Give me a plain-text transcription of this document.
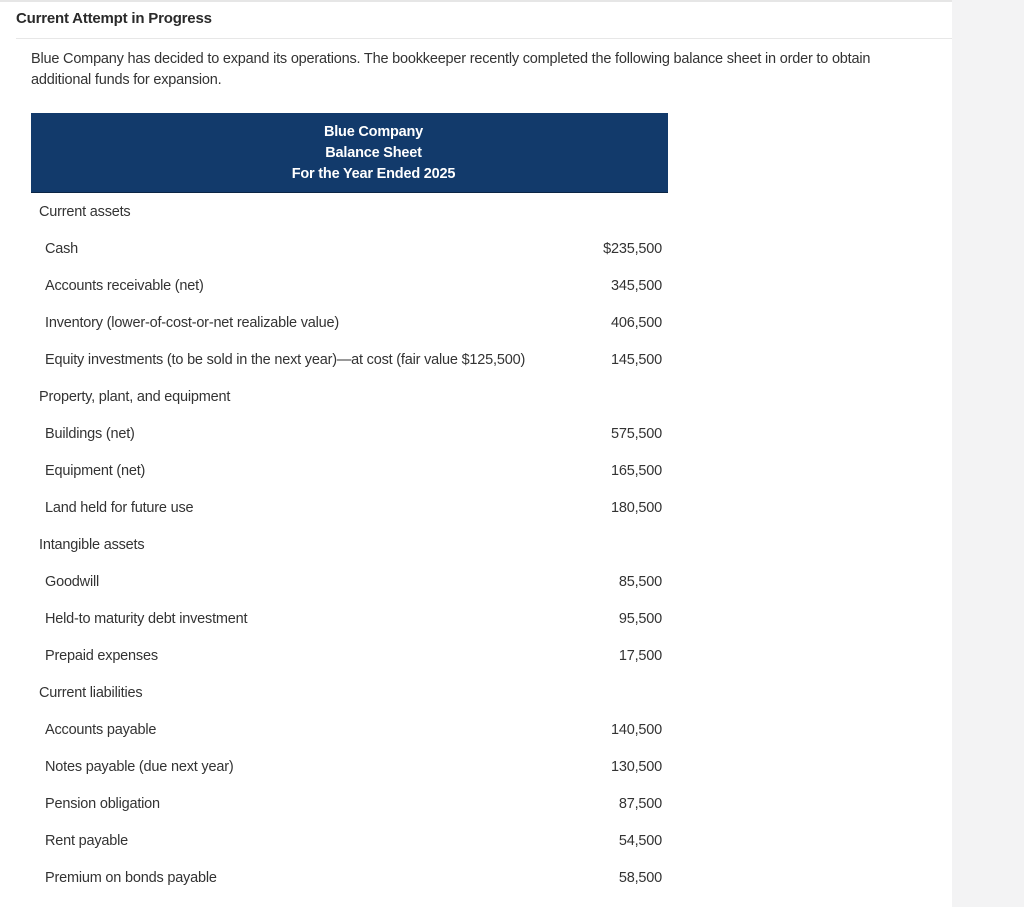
Current Attempt in Progress
Blue Company has decided to expand its operations. The bookkeeper recently completed the following balance sheet in order to obtain additional funds for expansion.
Blue Company
Balance Sheet
For the Year Ended 2025
Current assets
Cash	$235,500
Accounts receivable (net)	345,500
Inventory (lower-of-cost-or-net realizable value)	406,500
Equity investments (to be sold in the next year)—at cost (fair value $125,500)	145,500
Property, plant, and equipment
Buildings (net)	575,500
Equipment (net)	165,500
Land held for future use	180,500
Intangible assets
Goodwill	85,500
Held-to maturity debt investment	95,500
Prepaid expenses	17,500
Current liabilities
Accounts payable	140,500
Notes payable (due next year)	130,500
Pension obligation	87,500
Rent payable	54,500
Premium on bonds payable	58,500
